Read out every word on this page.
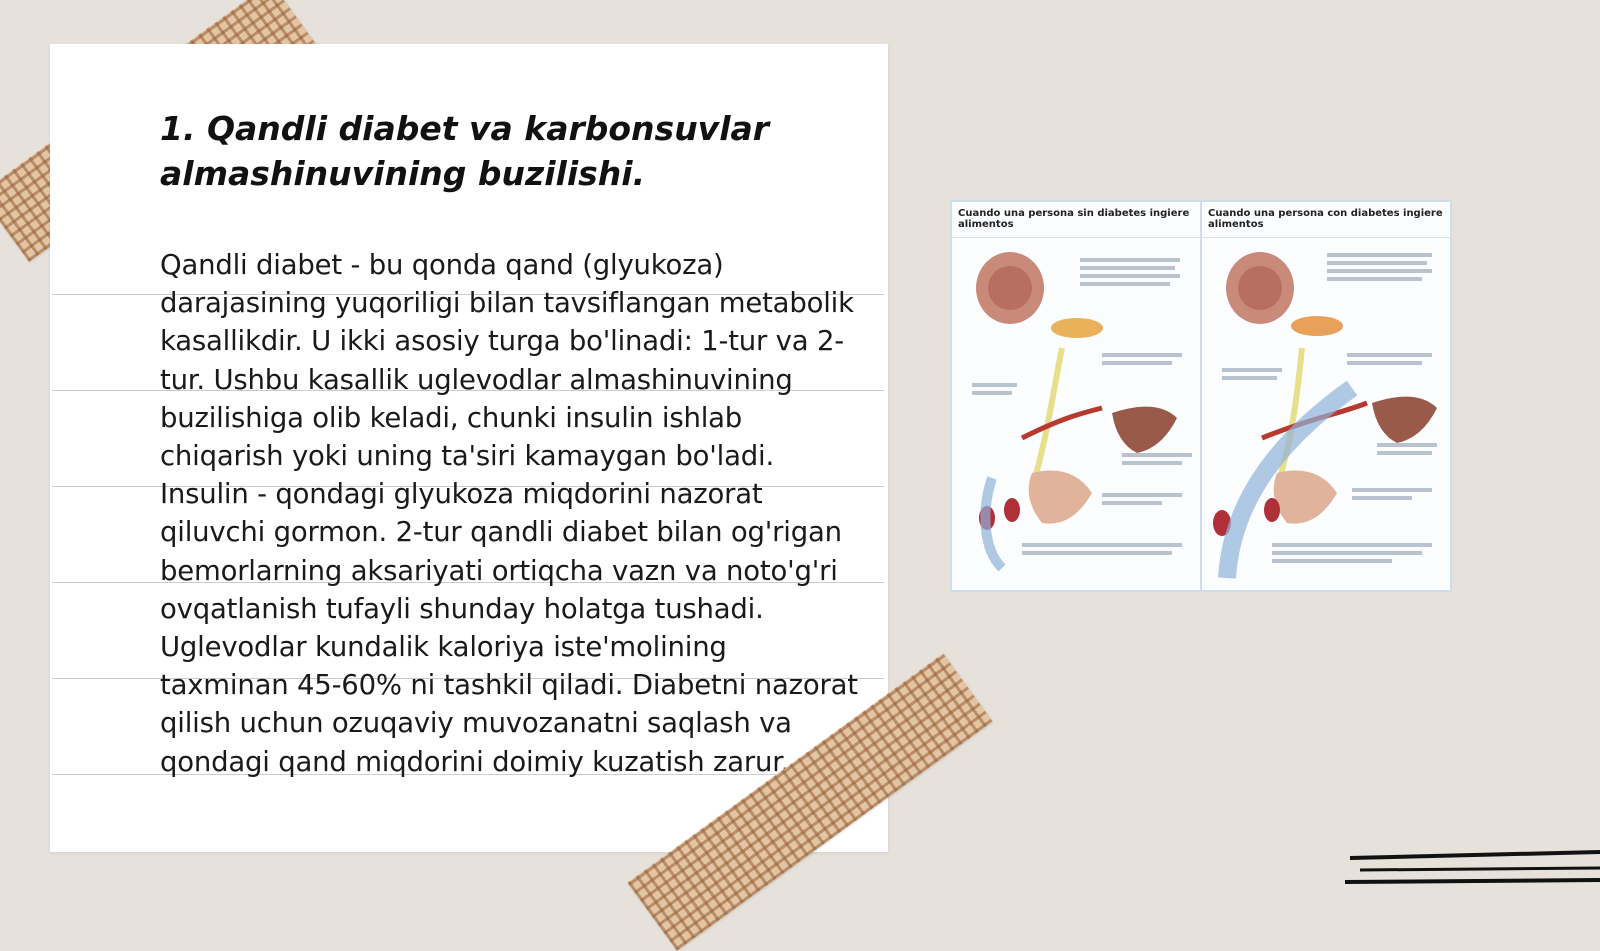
1. Qandli diabet va karbonsuvlar almashinuvining buzilishi.
Qandli diabet - bu qonda qand (glyukoza) darajasining yuqoriligi bilan tavsiflangan metabolik kasallikdir. U ikki asosiy turga bo'linadi: 1-tur va 2-tur. Ushbu kasallik uglevodlar almashinuvining buzilishiga olib keladi, chunki insulin ishlab chiqarish yoki uning ta'siri kamaygan bo'ladi. Insulin - qondagi glyukoza miqdorini nazorat qiluvchi gormon. 2-tur qandli diabet bilan og'rigan bemorlarning aksariyati ortiqcha vazn va noto'g'ri ovqatlanish tufayli shunday holatga tushadi. Uglevodlar kundalik kaloriya iste'molining taxminan 45-60% ni tashkil qiladi. Diabetni nazorat qilish uchun ozuqaviy muvozanatni saqlash va qondagi qand miqdorini doimiy kuzatish zarur.
Cuando una persona sin diabetes ingiere alimentos
Cuando una persona con diabetes ingiere alimentos
